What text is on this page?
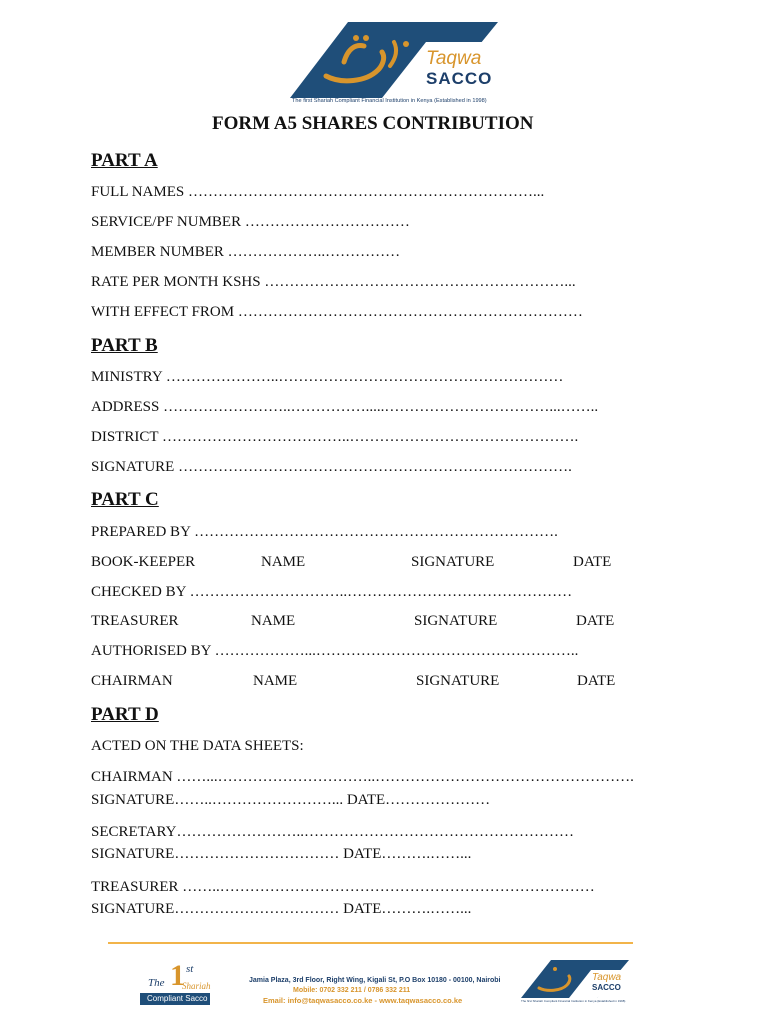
Taqwa
SACCO
The first Shariah Compliant Financial Institution in Kenya (Established in 1998)
FORM A5 SHARES CONTRIBUTION
PART A
FULL NAMES ……………………………………………………………...
SERVICE/PF NUMBER ……………………………
MEMBER NUMBER ………………..……………
RATE PER MONTH KSHS ……………………………………………………...
WITH EFFECT FROM ……………………………………………………………
PART B
MINISTRY …………………..…………………………………………………
ADDRESS ……………………..…………….....……………………………...……..
DISTRICT ………………………………..……………………………………….
SIGNATURE …………………………………………………………………….
PART C
PREPARED BY ……………………………………………………………….
BOOK-KEEPER	NAME	SIGNATURE	DATE
CHECKED BY …………………………..………………………………………
TREASURER	NAME	SIGNATURE	DATE
AUTHORISED BY ………………...……………………………………………..
CHAIRMAN	NAME	SIGNATURE	DATE
PART D
ACTED ON THE DATA SHEETS:
CHAIRMAN ……...…………………………..…………………………………………….
SIGNATURE……..……………………... DATE…………………
SECRETARY……………………..………………………………………………
SIGNATURE…………………………… DATE……….……...
TREASURER ……..…………………………………………………………………
SIGNATURE…………………………… DATE……….……...
The 1 st
Shariah
Compliant Sacco
Jamia Plaza, 3rd Floor, Right Wing, Kigali St, P.O Box 10180 - 00100, Nairobi
Mobile: 0702 332 211 / 0786 332 211
Email: info@taqwasacco.co.ke - www.taqwasacco.co.ke
Taqwa
SACCO
The first Shariah Compliant Financial Institution in Kenya (Established in 1998)
